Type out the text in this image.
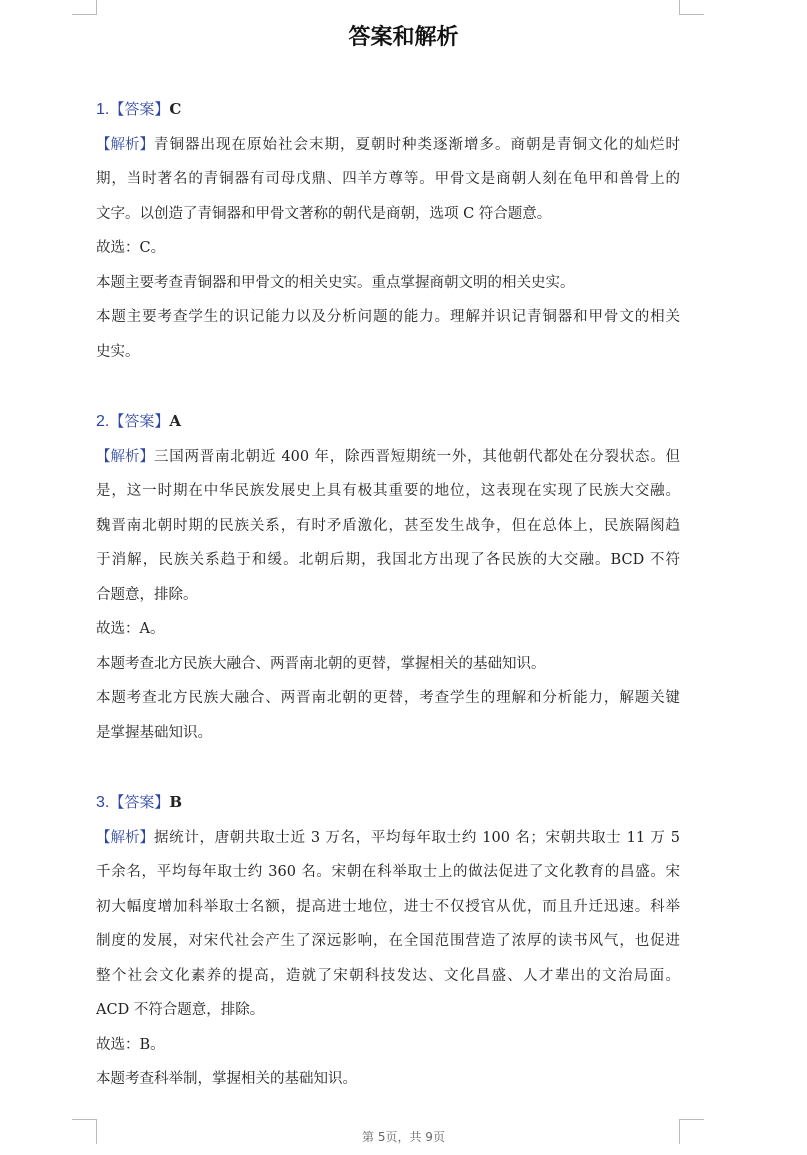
答案和解析
1.【答案】C
【解析】 青铜器出现在原始社会末期，夏朝时种类逐渐增多。商朝是青铜文化的灿烂时
期，当时著名的青铜器有司母戊鼎、四羊方尊等。甲骨文是商朝人刻在龟甲和兽骨上的
文字。以创造了青铜器和甲骨文著称的朝代是商朝，选项 C 符合题意。
故选：C。
本题主要考查青铜器和甲骨文的相关史实。重点掌握商朝文明的相关史实。
本题主要考查学生的识记能力以及分析问题的能力。理解并识记青铜器和甲骨文的相关
史实。
2.【答案】A
【解析】 三国两晋南北朝近 400 年，除西晋短期统一外，其他朝代都处在分裂状态。但
是，这一时期在中华民族发展史上具有极其重要的地位，这表现在实现了民族大交融。
魏晋南北朝时期的民族关系，有时矛盾激化，甚至发生战争，但在总体上，民族隔阂趋
于消解，民族关系趋于和缓。北朝后期，我国北方出现了各民族的大交融。BCD 不符
合题意，排除。
故选：A。
本题考查北方民族大融合、两晋南北朝的更替，掌握相关的基础知识。
本题考查北方民族大融合、两晋南北朝的更替，考查学生的理解和分析能力，解题关键
是掌握基础知识。
3.【答案】B
【解析】 据统计，唐朝共取士近 3 万名，平均每年取士约 100 名；宋朝共取士 11 万 5
千余名，平均每年取士约 360 名。宋朝在科举取士上的做法促进了文化教育的昌盛。宋
初大幅度增加科举取士名额，提高进士地位，进士不仅授官从优，而且升迁迅速。科举
制度的发展，对宋代社会产生了深远影响，在全国范围营造了浓厚的读书风气，也促进
整个社会文化素养的提高，造就了宋朝科技发达、文化昌盛、人才辈出的文治局面。
ACD 不符合题意，排除。
故选：B。
本题考查科举制，掌握相关的基础知识。
第 5页，共 9页
